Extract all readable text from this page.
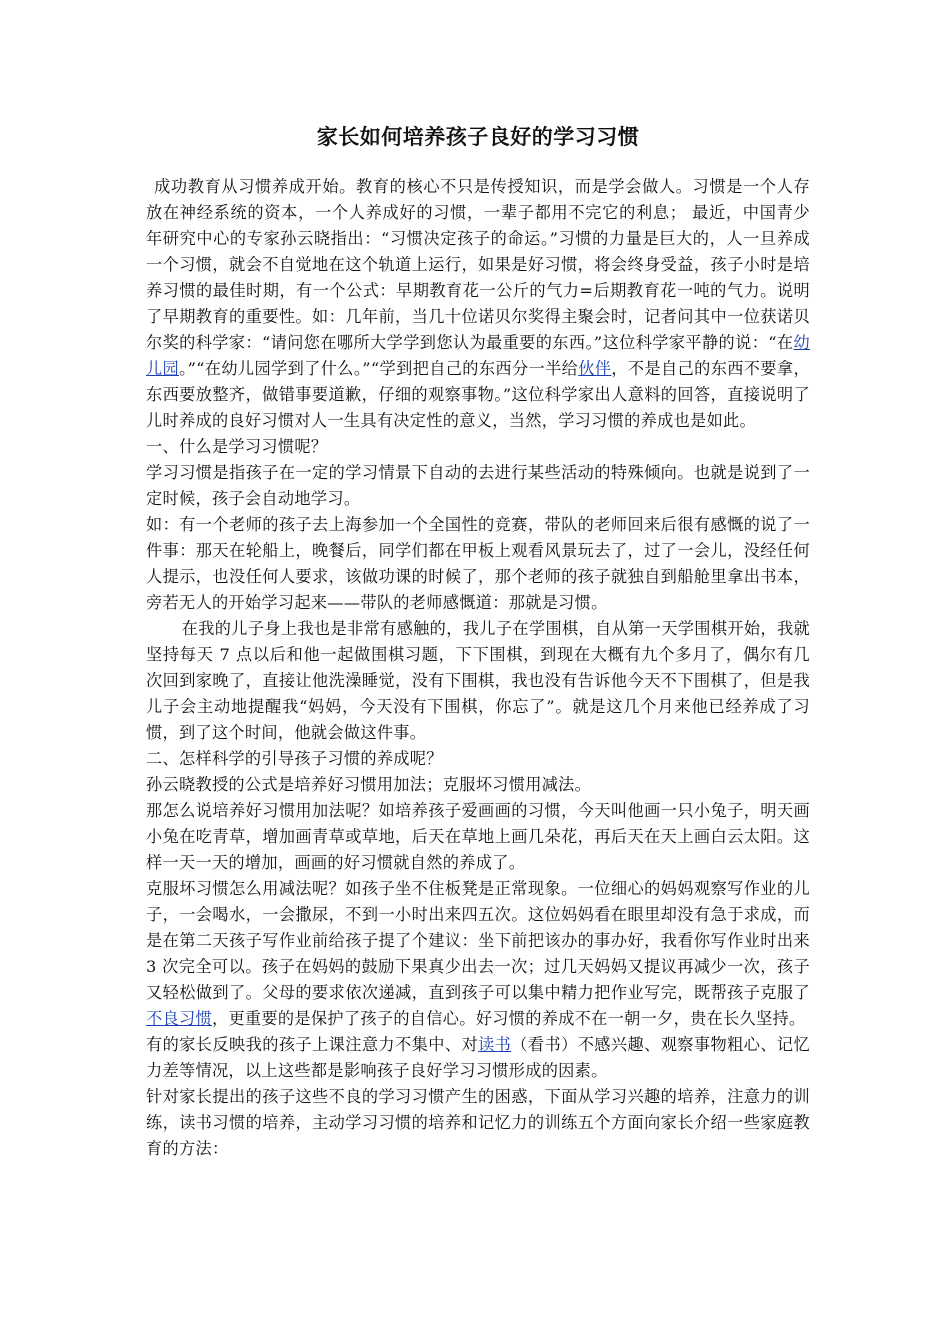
家长如何培养孩子良好的学习习惯

成功教育从习惯养成开始。教育的核心不只是传授知识，而是学会做人。习惯是一个人存放在神经系统的资本，一个人养成好的习惯，一辈子都用不完它的利息； 最近，中国青少年研究中心的专家孙云晓指出：“习惯决定孩子的命运。”习惯的力量是巨大的，人一旦养成一个习惯，就会不自觉地在这个轨道上运行，如果是好习惯，将会终身受益，孩子小时是培养习惯的最佳时期，有一个公式：早期教育花一公斤的气力=后期教育花一吨的气力。说明了早期教育的重要性。如：几年前，当几十位诺贝尔奖得主聚会时，记者问其中一位获诺贝尔奖的科学家：“请问您在哪所大学学到您认为最重要的东西。”这位科学家平静的说：“在幼儿园。”“在幼儿园学到了什么。”“学到把自己的东西分一半给伙伴，不是自己的东西不要拿，东西要放整齐，做错事要道歉，仔细的观察事物。”这位科学家出人意料的回答，直接说明了儿时养成的良好习惯对人一生具有决定性的意义，当然，学习习惯的养成也是如此。

一、什么是学习习惯呢？

学习习惯是指孩子在一定的学习情景下自动的去进行某些活动的特殊倾向。也就是说到了一定时候，孩子会自动地学习。

如：有一个老师的孩子去上海参加一个全国性的竞赛，带队的老师回来后很有感慨的说了一件事：那天在轮船上，晚餐后，同学们都在甲板上观看风景玩去了，过了一会儿，没经任何人提示，也没任何人要求，该做功课的时候了，那个老师的孩子就独自到船舱里拿出书本，旁若无人的开始学习起来——带队的老师感慨道：那就是习惯。

在我的儿子身上我也是非常有感触的，我儿子在学围棋，自从第一天学围棋开始，我就坚持每天 7 点以后和他一起做围棋习题，下下围棋，到现在大概有九个多月了，偶尔有几次回到家晚了，直接让他洗澡睡觉，没有下围棋，我也没有告诉他今天不下围棋了，但是我儿子会主动地提醒我“妈妈，今天没有下围棋，你忘了”。就是这几个月来他已经养成了习惯，到了这个时间，他就会做这件事。

二、怎样科学的引导孩子习惯的养成呢？

孙云晓教授的公式是培养好习惯用加法；克服坏习惯用减法。

那怎么说培养好习惯用加法呢？如培养孩子爱画画的习惯，今天叫他画一只小兔子，明天画小兔在吃青草，增加画青草或草地，后天在草地上画几朵花，再后天在天上画白云太阳。这样一天一天的增加，画画的好习惯就自然的养成了。

克服坏习惯怎么用减法呢？如孩子坐不住板凳是正常现象。一位细心的妈妈观察写作业的儿子，一会喝水，一会撒尿，不到一小时出来四五次。这位妈妈看在眼里却没有急于求成，而是在第二天孩子写作业前给孩子提了个建议：坐下前把该办的事办好，我看你写作业时出来 3 次完全可以。孩子在妈妈的鼓励下果真少出去一次；过几天妈妈又提议再减少一次，孩子又轻松做到了。父母的要求依次递减，直到孩子可以集中精力把作业写完，既帮孩子克服了不良习惯，更重要的是保护了孩子的自信心。好习惯的养成不在一朝一夕，贵在长久坚持。

有的家长反映我的孩子上课注意力不集中、对读书（看书）不感兴趣、观察事物粗心、记忆力差等情况，以上这些都是影响孩子良好学习习惯形成的因素。

针对家长提出的孩子这些不良的学习习惯产生的困惑，下面从学习兴趣的培养，注意力的训练，读书习惯的培养，主动学习习惯的培养和记忆力的训练五个方面向家长介绍一些家庭教育的方法：
